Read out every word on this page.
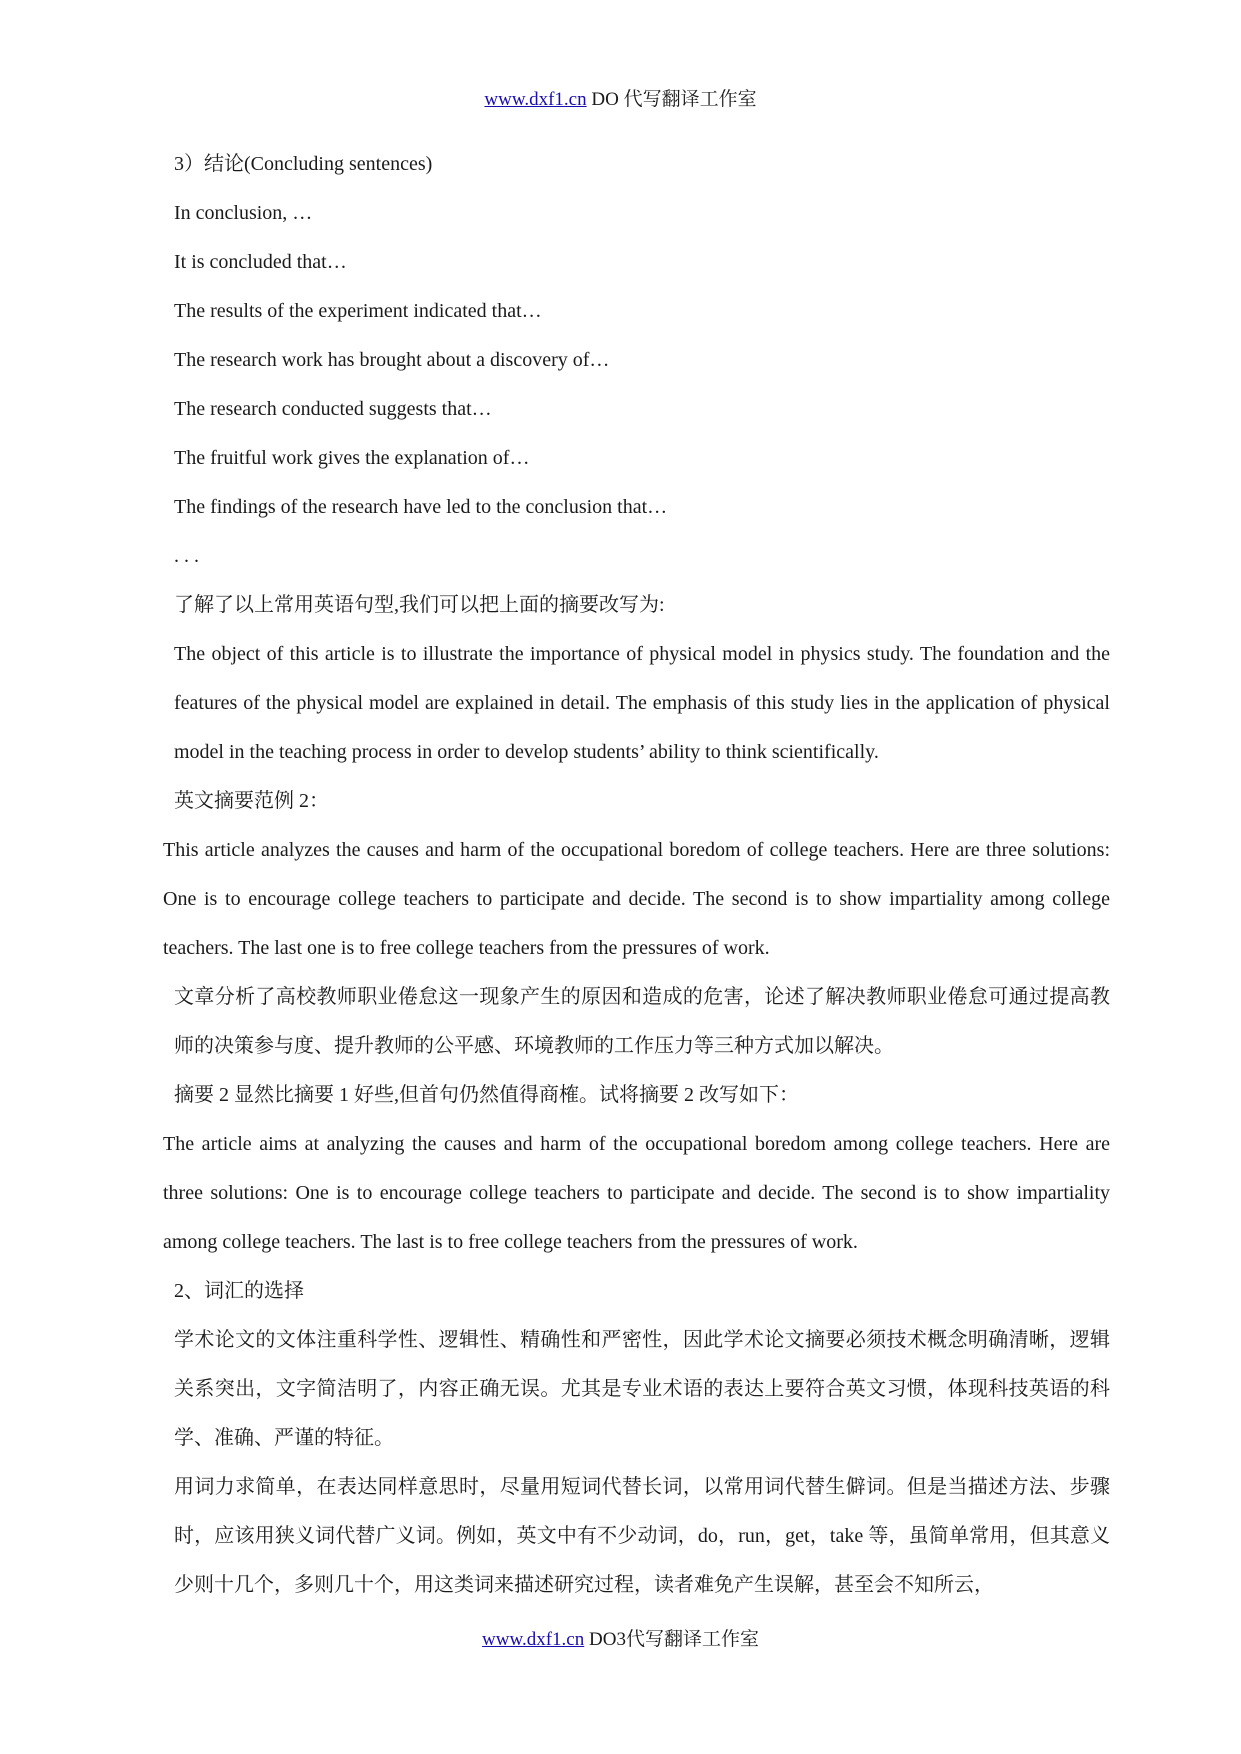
www.dxf1.cn DO 代写翻译工作室

3）结论(Concluding sentences)

In conclusion, …

It is concluded that…

The results of the experiment indicated that…

The research work has brought about a discovery of…

The research conducted suggests that…

The fruitful work gives the explanation of…

The findings of the research have led to the conclusion that…

. . .

了解了以上常用英语句型,我们可以把上面的摘要改写为:

The object of this article is to illustrate the importance of physical model in physics study. The foundation and the features of the physical model are explained in detail. The emphasis of this study lies in the application of physical model in the teaching process in order to develop students’ ability to think scientifically.

英文摘要范例 2：

This article analyzes the causes and harm of the occupational boredom of college teachers. Here are three solutions: One is to encourage college teachers to participate and decide. The second is to show impartiality among college teachers. The last one is to free college teachers from the pressures of work.

文章分析了高校教师职业倦怠这一现象产生的原因和造成的危害，论述了解决教师职业倦怠可通过提高教师的决策参与度、提升教师的公平感、环境教师的工作压力等三种方式加以解决。

摘要 2 显然比摘要 1 好些,但首句仍然值得商榷。试将摘要 2 改写如下：

The article aims at analyzing the causes and harm of the occupational boredom among college teachers. Here are three solutions: One is to encourage college teachers to participate and decide. The second is to show impartiality among college teachers. The last is to free college teachers from the pressures of work.

2、词汇的选择

学术论文的文体注重科学性、逻辑性、精确性和严密性，因此学术论文摘要必须技术概念明确清晰，逻辑关系突出，文字简洁明了，内容正确无误。尤其是专业术语的表达上要符合英文习惯，体现科技英语的科学、准确、严谨的特征。

用词力求简单，在表达同样意思时，尽量用短词代替长词，以常用词代替生僻词。但是当描述方法、步骤时，应该用狭义词代替广义词。例如，英文中有不少动词，do，run，get，take 等，虽简单常用，但其意义少则十几个，多则几十个，用这类词来描述研究过程，读者难免产生误解，甚至会不知所云，

www.dxf1.cn DO3代写翻译工作室
